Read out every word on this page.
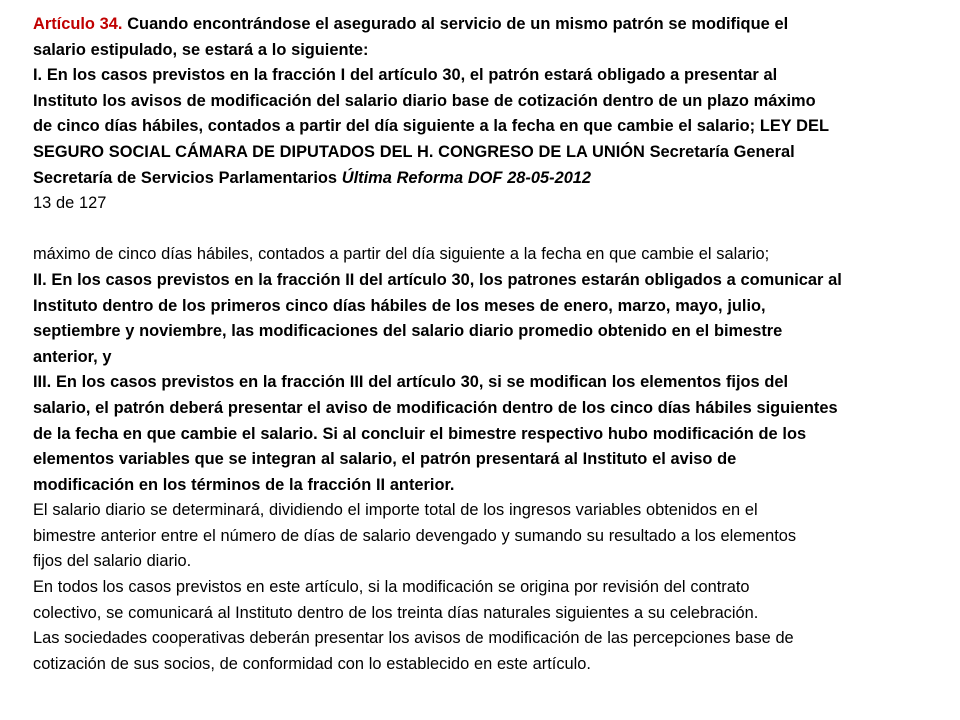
Artículo 34. Cuando encontrándose el asegurado al servicio de un mismo patrón se modifique el
salario estipulado, se estará a lo siguiente:
I. En los casos previstos en la fracción I del artículo 30, el patrón estará obligado a presentar al
Instituto los avisos de modificación del salario diario base de cotización dentro de un plazo máximo
de cinco días hábiles, contados a partir del día siguiente a la fecha en que cambie el salario; LEY DEL
SEGURO SOCIAL CÁMARA DE DIPUTADOS DEL H. CONGRESO DE LA UNIÓN Secretaría General
Secretaría de Servicios Parlamentarios Última Reforma DOF 28-05-2012
13 de 127
máximo de cinco días hábiles, contados a partir del día siguiente a la fecha en que cambie el salario;
II. En los casos previstos en la fracción II del artículo 30, los patrones estarán obligados a comunicar al
Instituto dentro de los primeros cinco días hábiles de los meses de enero, marzo, mayo, julio,
septiembre y noviembre, las modificaciones del salario diario promedio obtenido en el bimestre
anterior, y
III. En los casos previstos en la fracción III del artículo 30, si se modifican los elementos fijos del
salario, el patrón deberá presentar el aviso de modificación dentro de los cinco días hábiles siguientes
de la fecha en que cambie el salario. Si al concluir el bimestre respectivo hubo modificación de los
elementos variables que se integran al salario, el patrón presentará al Instituto el aviso de
modificación en los términos de la fracción II anterior.
El salario diario se determinará, dividiendo el importe total de los ingresos variables obtenidos en el
bimestre anterior entre el número de días de salario devengado y sumando su resultado a los elementos
fijos del salario diario.
En todos los casos previstos en este artículo, si la modificación se origina por revisión del contrato
colectivo, se comunicará al Instituto dentro de los treinta días naturales siguientes a su celebración.
Las sociedades cooperativas deberán presentar los avisos de modificación de las percepciones base de
cotización de sus socios, de conformidad con lo establecido en este artículo.
